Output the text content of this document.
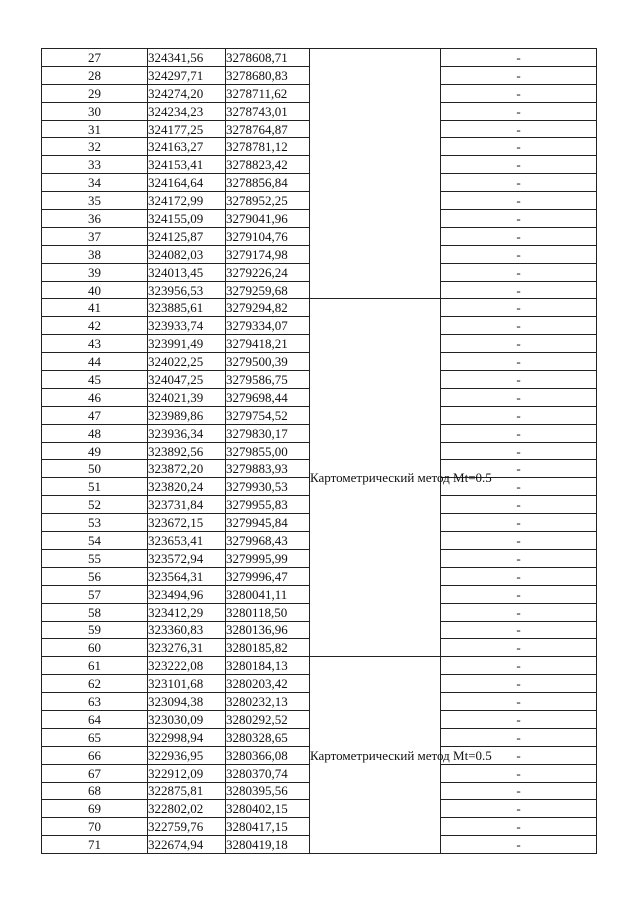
27	324341,56	3278608,71		-
28	324297,71	3278680,83		-
29	324274,20	3278711,62		-
30	324234,23	3278743,01		-
31	324177,25	3278764,87		-
32	324163,27	3278781,12		-
33	324153,41	3278823,42		-
34	324164,64	3278856,84		-
35	324172,99	3278952,25		-
36	324155,09	3279041,96		-
37	324125,87	3279104,76		-
38	324082,03	3279174,98		-
39	324013,45	3279226,24		-
40	323956,53	3279259,68		-
41	323885,61	3279294,82	Картометрический метод Mt=0.5	-
42	323933,74	3279334,07		-
43	323991,49	3279418,21		-
44	324022,25	3279500,39		-
45	324047,25	3279586,75		-
46	324021,39	3279698,44		-
47	323989,86	3279754,52		-
48	323936,34	3279830,17		-
49	323892,56	3279855,00		-
50	323872,20	3279883,93		-
51	323820,24	3279930,53		-
52	323731,84	3279955,83		-
53	323672,15	3279945,84		-
54	323653,41	3279968,43		-
55	323572,94	3279995,99		-
56	323564,31	3279996,47		-
57	323494,96	3280041,11		-
58	323412,29	3280118,50		-
59	323360,83	3280136,96		-
60	323276,31	3280185,82		-
61	323222,08	3280184,13	Картометрический метод Mt=0.5	-
62	323101,68	3280203,42		-
63	323094,38	3280232,13		-
64	323030,09	3280292,52		-
65	322998,94	3280328,65		-
66	322936,95	3280366,08		-
67	322912,09	3280370,74		-
68	322875,81	3280395,56		-
69	322802,02	3280402,15		-
70	322759,76	3280417,15		-
71	322674,94	3280419,18		-
